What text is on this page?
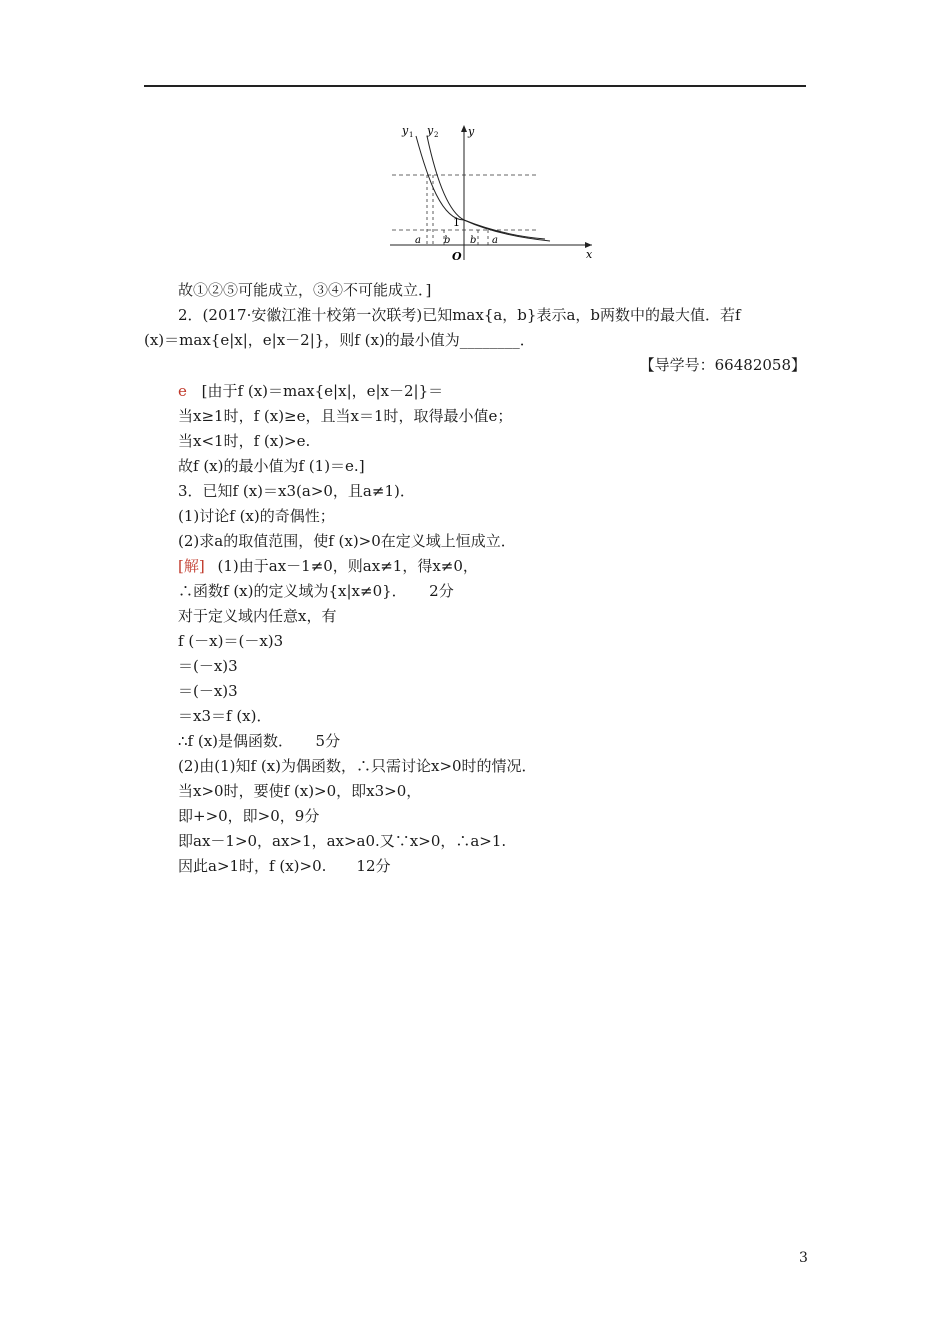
y 1 y 2	y
x
O
1
a b b a
故①②⑤可能成立，③④不可能成立．]
2．(2017·安徽江淮十校第一次联考)已知max{a，b}表示a，b两数中的最大值．若f
(x)＝max{e|x|，e|x－2|}，则f (x)的最小值为________．
【导学号：66482058】
e [由于f (x)＝max{e|x|，e|x－2|}＝
当x≥1时，f (x)≥e，且当x＝1时，取得最小值e；
当x<1时，f (x)>e.
故f (x)的最小值为f (1)＝e.]
3．已知f (x)＝x3(a>0，且a≠1)．
(1)讨论f (x)的奇偶性；
(2)求a的取值范围，使f (x)>0在定义域上恒成立．
[解] (1)由于ax－1≠0，则ax≠1，得x≠0，
∴函数f (x)的定义域为{x|x≠0}．　　2分
对于定义域内任意x，有
f (－x)＝(－x)3
＝(－x)3
＝(－x)3
＝x3＝f (x)．
∴f (x)是偶函数．　　5分
(2)由(1)知f (x)为偶函数，∴只需讨论x>0时的情况．
当x>0时，要使f (x)>0，即x3>0，
即+>0，即>0，9分
即ax－1>0，ax>1，ax>a0.又∵x>0，∴a>1.
因此a>1时，f (x)>0.　　12分
3
